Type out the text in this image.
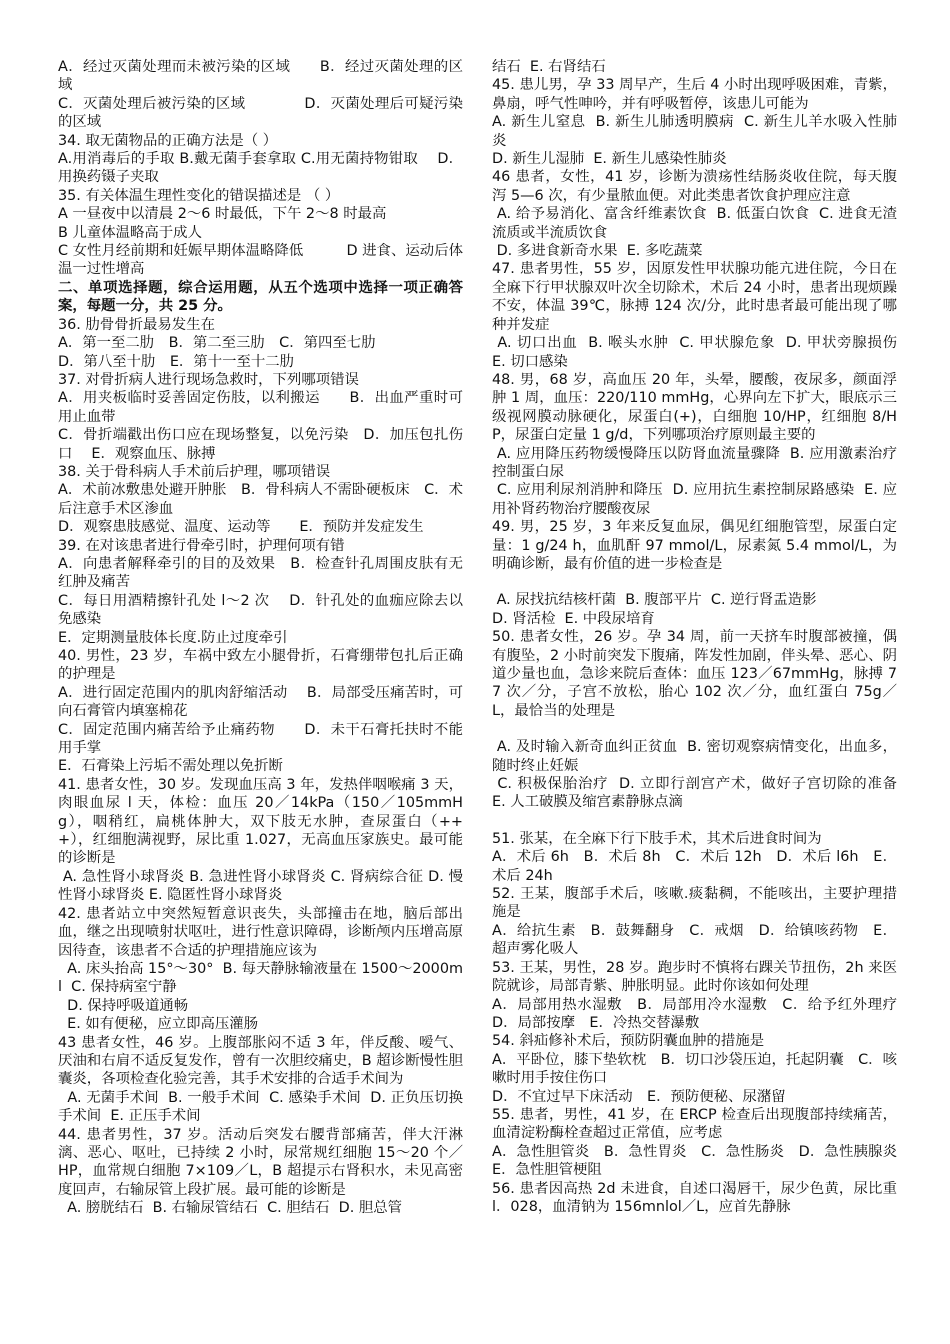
A．经过灭菌处理而未被污染的区域　　B．经过灭菌处理的区域
C．灭菌处理后被污染的区域　　　　D．灭菌处理后可疑污染的区域
34. 取无菌物品的正确方法是（ ）
A.用消毒后的手取 B.戴无菌手套拿取 C.用无菌持物钳取　 D．用换药镊子夹取
35. 有关体温生理性变化的错误描述是 （ ）
A 一昼夜中以清晨 2～6 时最低，下午 2～8 时最高
B 儿童体温略高于成人
C 女性月经前期和妊娠早期体温略降低　　　D 进食、运动后体温一过性增高
二、单项选择题，综合运用题，从五个选项中选择一项正确答案，每题一分，共 25 分。
36. 肋骨骨折最易发生在
A．第一至二肋　B．第二至三肋　C．第四至七肋
D．第八至十肋　E．第十一至十二肋
37. 对骨折病人进行现场急救时，下列哪项错误
A．用夹板临时妥善固定伤肢，以利搬运　　B．出血严重时可用止血带
C．骨折端戳出伤口应在现场整复，以免污染　D．加压包扎伤口　 E．观察血压、脉搏
38. 关于骨科病人手术前后护理，哪项错误
A．术前冰敷患处避开肿胀　B．骨科病人不需卧硬板床　C．术后注意手术区渗血
D．观察患肢感觉、温度、运动等　　E．预防并发症发生
39. 在对该患者进行骨牵引时，护理何项有错
A．向患者解释牵引的目的及效果　B．检查针孔周围皮肤有无红肿及痛苦
C．每日用酒精擦针孔处 l～2 次　 D．针孔处的血痂应除去以免感染
E．定期测量肢体长度.防止过度牵引
40. 男性，23 岁，车祸中致左小腿骨折，石膏绷带包扎后正确的护理是
A．进行固定范围内的肌肉舒缩活动　 B．局部受压痛苦时，可向石膏管内填塞棉花
C．固定范围内痛苦给予止痛药物　　D．未干石膏托扶时不能用手掌
E．石膏染上污垢不需处理以免折断
41. 患者女性，30 岁。发现血压高 3 年，发热伴咽喉痛 3 天，肉眼血尿 l 天，体检：血压 20／14kPa（150／105mmHg），咽稍红，扁桃体肿大，双下肢无水肿，查尿蛋白（+++），红细胞满视野，尿比重 1.027，无高血压家族史。最可能的诊断是
A. 急性肾小球肾炎 B. 急进性肾小球肾炎 C. 肾病综合征 D. 慢性肾小球肾炎 E. 隐匿性肾小球肾炎
42. 患者站立中突然短暂意识丧失，头部撞击在地，脑后部出血，继之出现喷射状呕吐，进行性意识障碍，诊断颅内压增高原因待查，该患者不合适的护理措施应该为
A. 床头抬高 15°～30°  B. 每天静脉输液量在 1500～2000ml  C. 保持病室宁静
D. 保持呼吸道通畅
E. 如有便秘，应立即高压灌肠
43 患者女性，46 岁。上腹部胀闷不适 3 年，伴反酸、嗳气、厌油和右肩不适反复发作，曾有一次胆绞痛史，B 超诊断慢性胆囊炎，各项检查化验完善，其手术安排的合适手术间为
A. 无菌手术间  B. 一般手术间  C. 感染手术间  D. 正负压切换手术间  E. 正压手术间
44. 患者男性，37 岁。活动后突发右腰背部痛苦，伴大汗淋漓、恶心、呕吐，已持续 2 小时，尿常规红细胞 15～20 个／HP，血常规白细胞 7×109／L，B 超提示右肾积水，未见高密度回声，右输尿管上段扩展。最可能的诊断是
A. 膀胱结石  B. 右输尿管结石  C. 胆结石  D. 胆总管
结石  E. 右肾结石
45. 患儿男，孕 33 周早产，生后 4 小时出现呼吸困难，青紫，鼻扇，呼气性呻吟，并有呼吸暂停，该患儿可能为
A. 新生儿窒息  B. 新生儿肺透明膜病  C. 新生儿羊水吸入性肺炎
D. 新生儿湿肺  E. 新生儿感染性肺炎
46 患者，女性，41 岁，诊断为溃疡性结肠炎收住院，每天腹泻 5—6 次，有少量脓血便。对此类患者饮食护理应注意
A. 给予易消化、富含纤维素饮食  B. 低蛋白饮食  C. 进食无渣流质或半流质饮食
D. 多进食新奇水果  E. 多吃蔬菜
47. 患者男性，55 岁，因原发性甲状腺功能亢进住院，今日在全麻下行甲状腺双叶次全切除术，术后 24 小时，患者出现烦躁不安，体温 39℃，脉搏 124 次/分，此时患者最可能出现了哪种并发症
A. 切口出血  B. 喉头水肿  C. 甲状腺危象  D. 甲状旁腺损伤  E. 切口感染
48. 男，68 岁，高血压 20 年，头晕，腰酸，夜尿多，颜面浮肿 1 周，血压：220/110 mmHg，心界向左下扩大，眼底示三级视网膜动脉硬化，尿蛋白(+)，白细胞 10/HP，红细胞 8/HP，尿蛋白定量 1 g/d，下列哪项治疗原则最主要的
A. 应用降压药物缓慢降压以防肾血流量骤降  B. 应用激素治疗控制蛋白尿
C. 应用利尿剂消肿和降压  D. 应用抗生素控制尿路感染  E. 应用补肾药物治疗腰酸夜尿
49. 男，25 岁，3 年来反复血尿，偶见红细胞管型，尿蛋白定量：1 g/24 h，血肌酐 97 mmol/L，尿素氮 5.4 mmol/L，为明确诊断，最有价值的进一步检查是
A. 尿找抗结核杆菌  B. 腹部平片  C. 逆行肾盂造影
D. 肾活检  E. 中段尿培育
50. 患者女性，26 岁。孕 34 周，前一天挤车时腹部被撞，偶有腹坠，2 小时前突发下腹痛，阵发性加剧，伴头晕、恶心、阴道少量也血，急诊来院后查体：血压 123／67mmHg，脉搏 77 次／分，子宫不放松，胎心 102 次／分，血红蛋白 75g／L，最恰当的处理是
A. 及时输入新奇血纠正贫血  B. 密切观察病情变化，出血多，随时终止妊娠
C. 积极保胎治疗  D. 立即行剖宫产术，做好子宫切除的准备  E. 人工破膜及缩宫素静脉点滴
51. 张某，在全麻下行下肢手术，其术后进食时间为
A．术后 6h　B．术后 8h　C．术后 12h　D．术后 l6h　E．术后 24h
52. 王某，腹部手术后，咳嗽.痰黏稠，不能咳出，主要护理措施是
A．给抗生素　B．鼓舞翻身　C．戒烟　D．给镇咳药物　E．超声雾化吸人
53. 王某，男性，28 岁。跑步时不慎将右踝关节扭伤，2h 来医院就诊，局部青紫、肿胀明显。此时你该如何处理
A．局部用热水湿敷　B．局部用冷水湿敷　C．给予红外理疗　D．局部按摩　E．冷热交替瀑敷
54. 斜疝修补术后，预防阴囊血肿的措施是
A．平卧位，膝下垫软枕　B．切口沙袋压迫，托起阴囊　C．咳嗽时用手按住伤口
D．不宜过早下床活动　E．预防便秘、尿潴留
55. 患者，男性，41 岁，在 ERCP 检查后出现腹部持续痛苦，血清淀粉酶栓查超过正常值，应考虑
A．急性胆管炎　B．急性胃炎　C．急性肠炎　D．急性胰腺炎　E．急性胆管梗阻
56. 患者因高热 2d 未进食，自述口渴唇干，尿少色黄，尿比重 l．028，血清钠为 156mnlol／L，应首先静脉
